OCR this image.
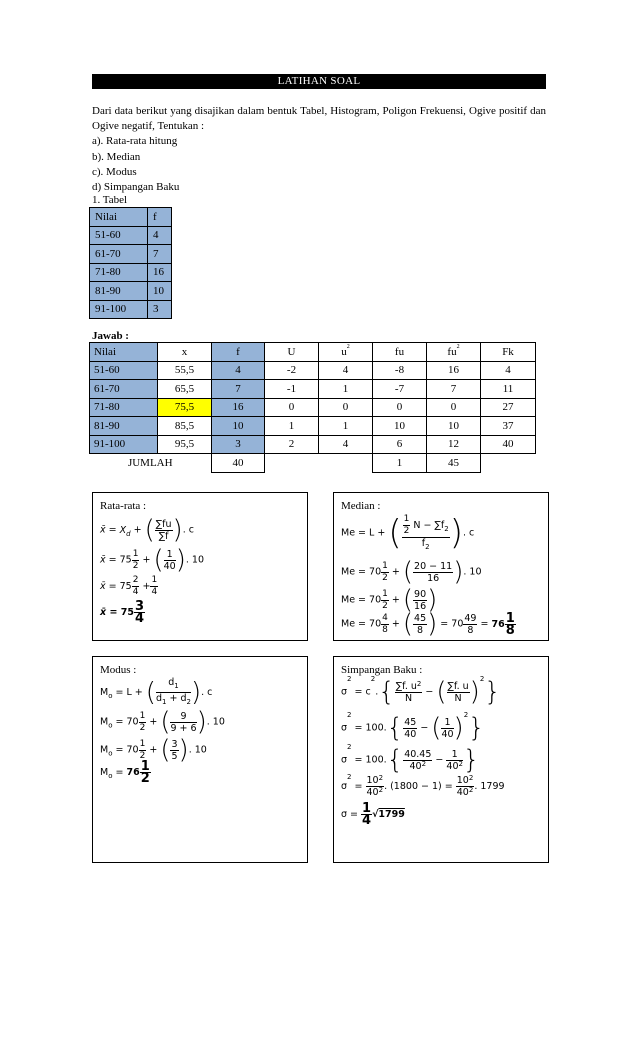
LATIHAN SOAL
Dari data berikut yang disajikan dalam bentuk Tabel, Histogram, Poligon Frekuensi, Ogive positif dan Ogive negatif, Tentukan :
a). Rata-rata hitung
b). Median
c). Modus
d) Simpangan Baku
1. Tabel
Nilai	f
51-60	4
61-70	7
71-80	16
81-90	10
91-100	3
Jawab :
Nilai	x	f	U	$u^2$	fu	$fu^2$	Fk
51-60	55,5	4	-2	4	-8	16	4
61-70	65,5	7	-1	1	-7	7	11
71-80	75,5	16	0	0	0	0	27
81-90	85,5	10	1	1	10	10	37
91-100	95,5	3	2	4	6	12	40
JUMLAH		40			1	45	
Rata-rata :
x̄ = $X_d$ + ( $\frac{\sum fu}{\sum f}$ ). c
x̄ = $75 \frac{1}{2}$ + ( $\frac{1}{40}$ ). 10
x̄ = $75 \frac{2}{4} + \frac{1}{4}$
x̄ = $75 \frac{3}{4}$
Median :
Me = L + ( $\frac{\frac{1}{2} N - \sum f_2}{f_2}$ ). c
$Me = 70 \frac{1}{2}$ + ( $\frac{20 - 11}{16}$ ). 10
$Me = 70 \frac{1}{2}$ + ( $\frac{90}{16}$ )
$Me = 70 \frac{4}{8}$ + ( $\frac{45}{8}$ ) = $70 \frac{49}{8} = 76 \frac{1}{8}$
Modus :
$M_o = L$ + ( $\frac{d_1}{d_1 + d_2}$ ). c
$M_o = 70 \frac{1}{2}$ + ( $\frac{9}{9 + 6}$ ). 10
$M_o = 70 \frac{1}{2}$ + ( $\frac{3}{5}$ ). 10
$M_o = 76 \frac{1}{2}$
Simpangan Baku :
$\sigma^2 = c^2.\{ \frac{\sum f. u^2}{N}$ − ( $\frac{\sum f. u}{N} )^2$}
$\sigma^2 = 100.\{ \frac{45}{40}$ − ( $\frac{1}{40} )^2$}
$\sigma^2 = 100.\{ \frac{40.45}{40^2} - \frac{1}{40^2}$ }
$\sigma^2 = \frac{10^2}{40^2}$ . $(1800 - 1) = \frac{10^2}{40^2}$ . 1799
$\sigma = \frac{1}{4} √1799$
